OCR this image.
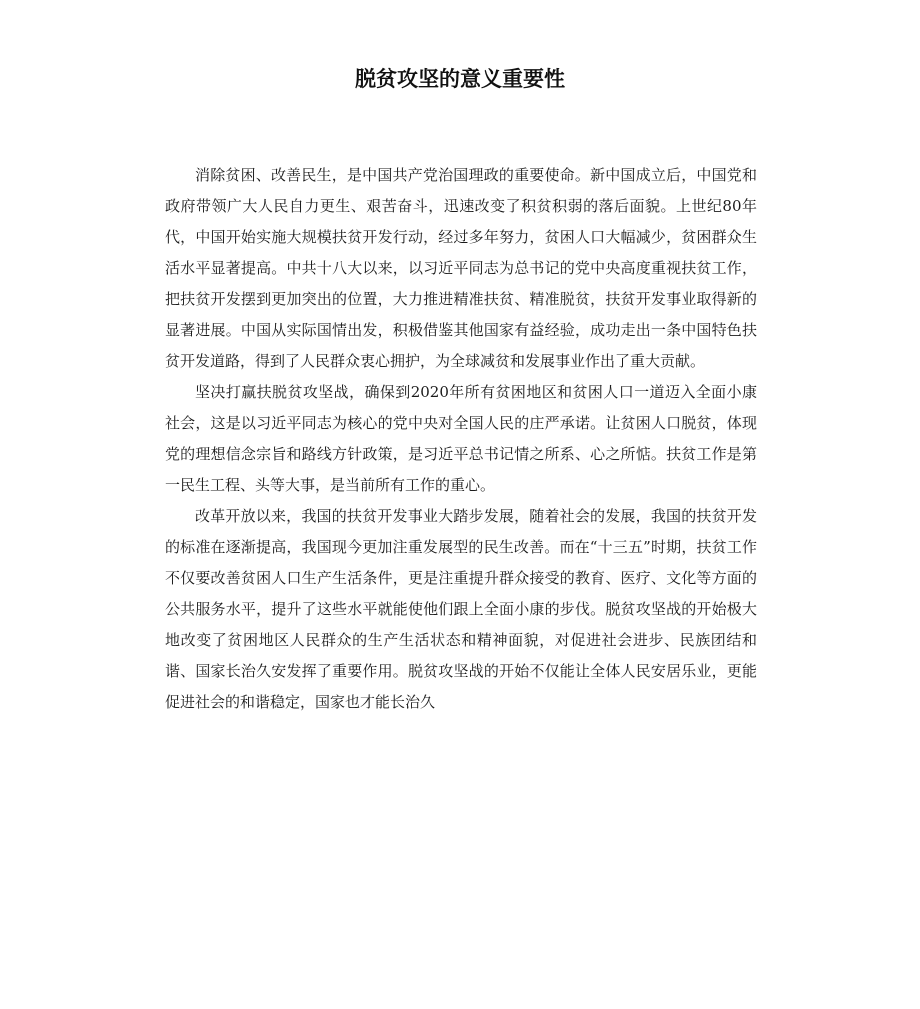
脱贫攻坚的意义重要性

消除贫困、改善民生，是中国共产党治国理政的重要使命。新中国成立后，中国党和政府带领广大人民自力更生、艰苦奋斗，迅速改变了积贫积弱的落后面貌。上世纪80年代，中国开始实施大规模扶贫开发行动，经过多年努力，贫困人口大幅减少，贫困群众生活水平显著提高。中共十八大以来，以习近平同志为总书记的党中央高度重视扶贫工作，把扶贫开发摆到更加突出的位置，大力推进精准扶贫、精准脱贫，扶贫开发事业取得新的显著进展。中国从实际国情出发，积极借鉴其他国家有益经验，成功走出一条中国特色扶贫开发道路，得到了人民群众衷心拥护，为全球减贫和发展事业作出了重大贡献。

坚决打赢扶脱贫攻坚战，确保到2020年所有贫困地区和贫困人口一道迈入全面小康社会，这是以习近平同志为核心的党中央对全国人民的庄严承诺。让贫困人口脱贫，体现党的理想信念宗旨和路线方针政策，是习近平总书记情之所系、心之所惦。扶贫工作是第一民生工程、头等大事，是当前所有工作的重心。

改革开放以来，我国的扶贫开发事业大踏步发展，随着社会的发展，我国的扶贫开发的标准在逐渐提高，我国现今更加注重发展型的民生改善。而在“十三五”时期，扶贫工作不仅要改善贫困人口生产生活条件，更是注重提升群众接受的教育、医疗、文化等方面的公共服务水平，提升了这些水平就能使他们跟上全面小康的步伐。脱贫攻坚战的开始极大地改变了贫困地区人民群众的生产生活状态和精神面貌，对促进社会进步、民族团结和谐、国家长治久安发挥了重要作用。脱贫攻坚战的开始不仅能让全体人民安居乐业，更能促进社会的和谐稳定，国家也才能长治久
